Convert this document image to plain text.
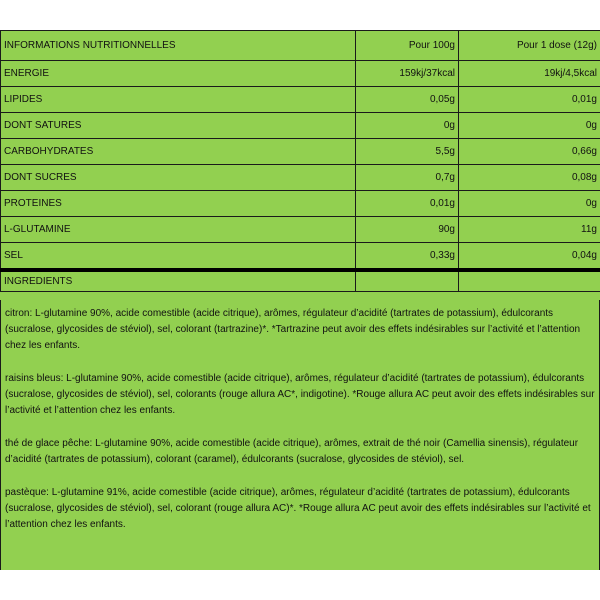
INFORMATIONS NUTRITIONNELLES	Pour 100g	Pour 1 dose (12g)
ENERGIE	159kj/37kcal	19kj/4,5kcal
LIPIDES	0,05g	0,01g
DONT SATURES	0g	0g
CARBOHYDRATES	5,5g	0,66g
DONT SUCRES	0,7g	0,08g
PROTEINES	0,01g	0g
L-GLUTAMINE	90g	11g
SEL	0,33g	0,04g
INGREDIENTS		

citron: L-glutamine 90%, acide comestible (acide citrique), arômes, régulateur d’acidité (tartrates de potassium), édulcorants (sucralose, glycosides de stéviol), sel, colorant (tartrazine)*. *Tartrazine peut avoir des effets indésirables sur l’activité et l’attention chez les enfants.

raisins bleus: L-glutamine 90%, acide comestible (acide citrique), arômes, régulateur d’acidité (tartrates de potassium), édulcorants (sucralose, glycosides de stéviol), sel, colorants (rouge allura AC*, indigotine). *Rouge allura AC peut avoir des effets indésirables sur l’activité et l’attention chez les enfants.

thé de glace pêche: L-glutamine 90%, acide comestible (acide citrique), arômes, extrait de thé noir (Camellia sinensis), régulateur d’acidité (tartrates de potassium), colorant (caramel), édulcorants (sucralose, glycosides de stéviol), sel.

pastèque: L-glutamine 91%, acide comestible (acide citrique), arômes, régulateur d’acidité (tartrates de potassium), édulcorants (sucralose, glycosides de stéviol), sel, colorant (rouge allura AC)*. *Rouge allura AC peut avoir des effets indésirables sur l’activité et l’attention chez les enfants.
